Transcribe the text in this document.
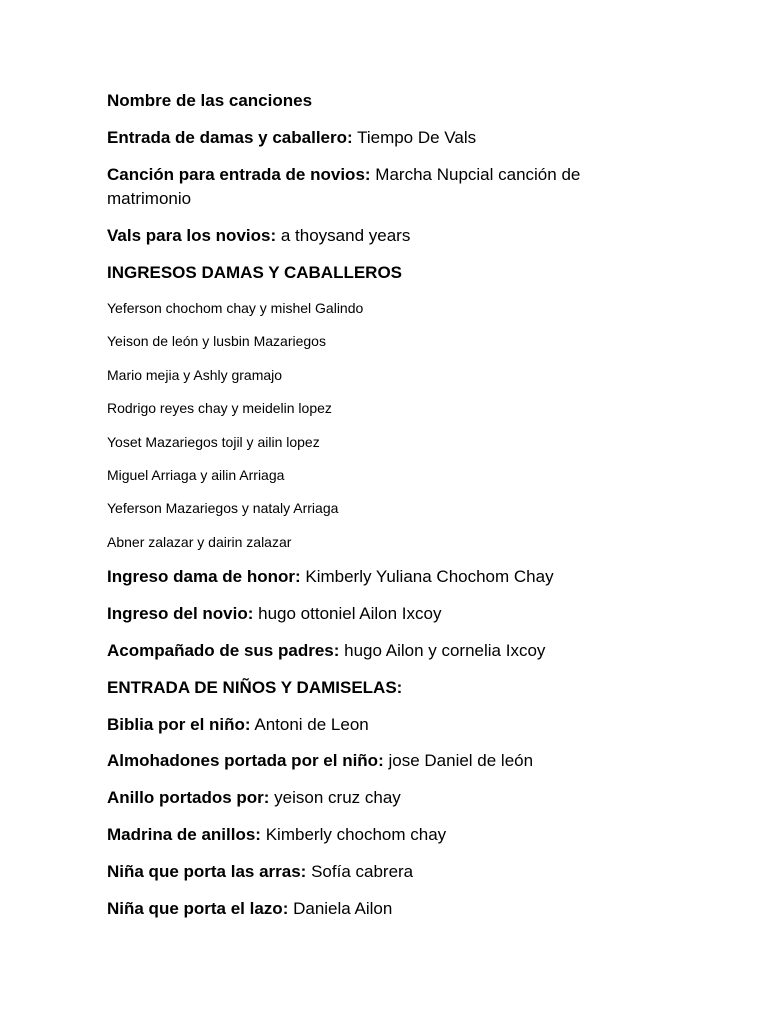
Nombre de las canciones

Entrada de damas y caballero: Tiempo De Vals

Canción para entrada de novios: Marcha Nupcial canción de matrimonio

Vals para los novios: a thoysand years

INGRESOS DAMAS Y CABALLEROS

Yeferson chochom chay y mishel Galindo

Yeison de león y lusbin Mazariegos

Mario mejia y Ashly gramajo

Rodrigo reyes chay y meidelin lopez

Yoset Mazariegos tojil y ailin lopez

Miguel Arriaga y ailin Arriaga

Yeferson Mazariegos y nataly Arriaga

Abner zalazar y dairin zalazar

Ingreso dama de honor: Kimberly Yuliana Chochom Chay

Ingreso del novio: hugo ottoniel Ailon Ixcoy

Acompañado de sus padres: hugo Ailon y cornelia Ixcoy

ENTRADA DE NIÑOS Y DAMISELAS:

Biblia por el niño: Antoni de Leon

Almohadones portada por el niño: jose Daniel de león

Anillo portados por: yeison cruz chay

Madrina de anillos: Kimberly chochom chay

Niña que porta las arras: Sofía cabrera

Niña que porta el lazo: Daniela Ailon
